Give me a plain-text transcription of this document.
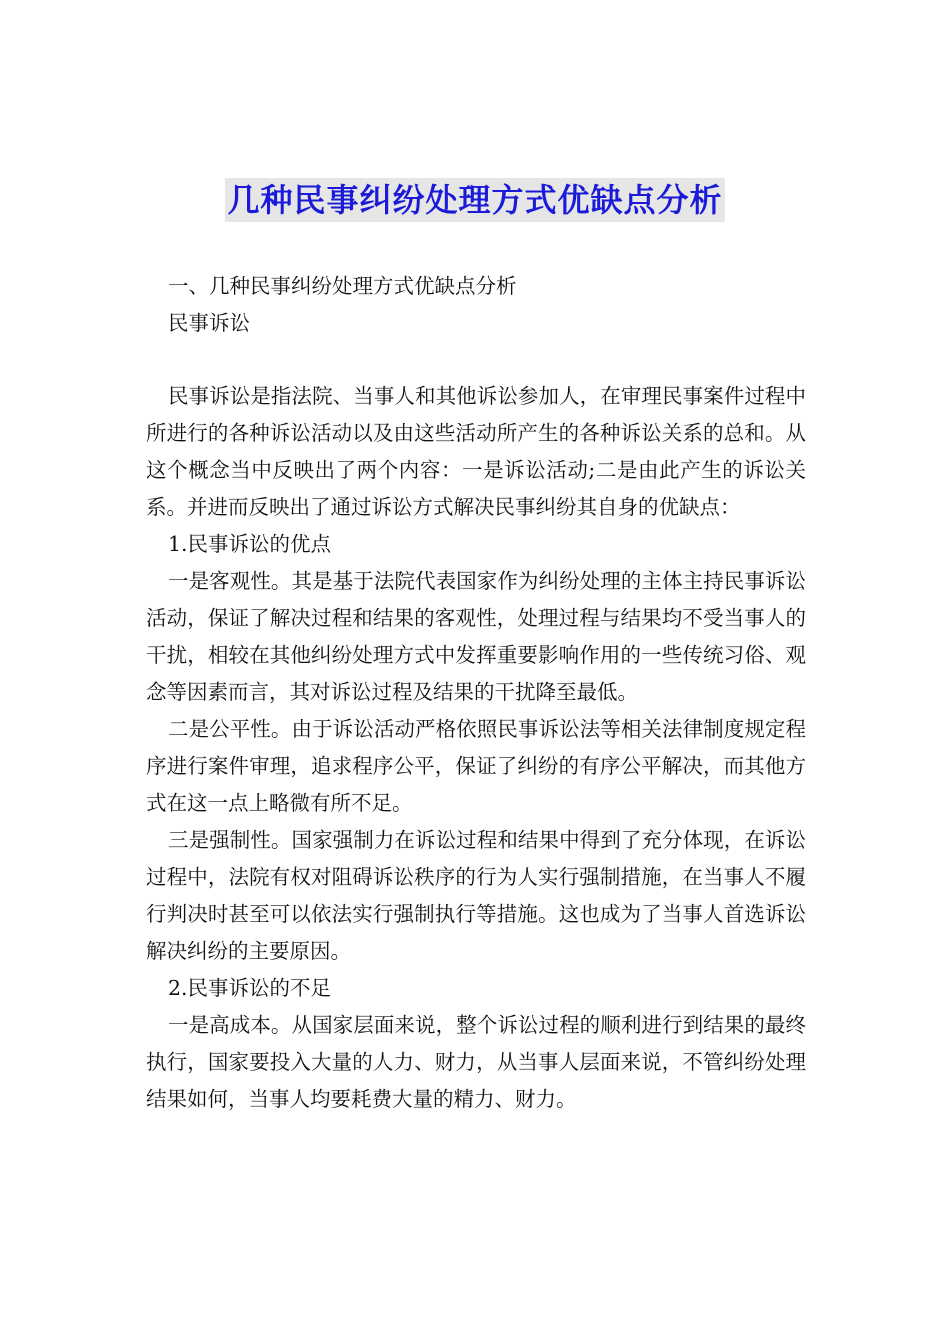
几种民事纠纷处理方式优缺点分析

一、几种民事纠纷处理方式优缺点分析

民事诉讼

民事诉讼是指法院、当事人和其他诉讼参加人，在审理民事案件过程中所进行的各种诉讼活动以及由这些活动所产生的各种诉讼关系的总和。从这个概念当中反映出了两个内容：一是诉讼活动;二是由此产生的诉讼关系。并进而反映出了通过诉讼方式解决民事纠纷其自身的优缺点：

1.民事诉讼的优点

一是客观性。其是基于法院代表国家作为纠纷处理的主体主持民事诉讼活动，保证了解决过程和结果的客观性，处理过程与结果均不受当事人的干扰，相较在其他纠纷处理方式中发挥重要影响作用的一些传统习俗、观念等因素而言，其对诉讼过程及结果的干扰降至最低。

二是公平性。由于诉讼活动严格依照民事诉讼法等相关法律制度规定程序进行案件审理，追求程序公平，保证了纠纷的有序公平解决，而其他方式在这一点上略微有所不足。

三是强制性。国家强制力在诉讼过程和结果中得到了充分体现，在诉讼过程中，法院有权对阻碍诉讼秩序的行为人实行强制措施，在当事人不履行判决时甚至可以依法实行强制执行等措施。这也成为了当事人首选诉讼解决纠纷的主要原因。

2.民事诉讼的不足

一是高成本。从国家层面来说，整个诉讼过程的顺利进行到结果的最终执行，国家要投入大量的人力、财力，从当事人层面来说，不管纠纷处理结果如何，当事人均要耗费大量的精力、财力。
